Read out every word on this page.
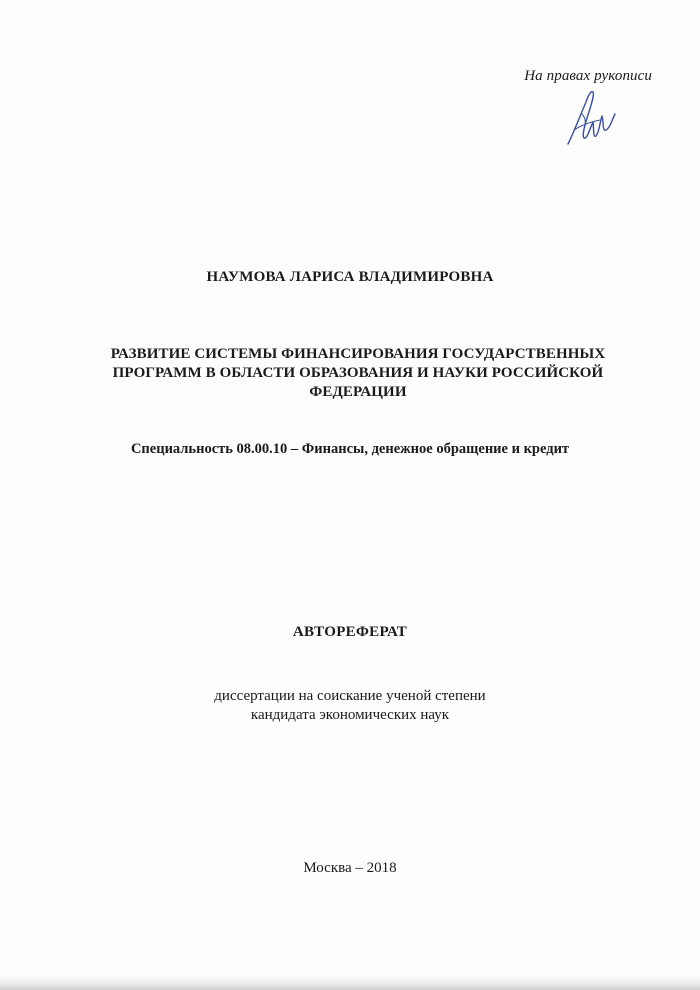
На правах рукописи
НАУМОВА ЛАРИСА ВЛАДИМИРОВНА
РАЗВИТИЕ СИСТЕМЫ ФИНАНСИРОВАНИЯ ГОСУДАРСТВЕННЫХ
ПРОГРАММ В ОБЛАСТИ ОБРАЗОВАНИЯ И НАУКИ РОССИЙСКОЙ
ФЕДЕРАЦИИ
Специальность 08.00.10 – Финансы, денежное обращение и кредит
АВТОРЕФЕРАТ
диссертации на соискание ученой степени
кандидата экономических наук
Москва – 2018
